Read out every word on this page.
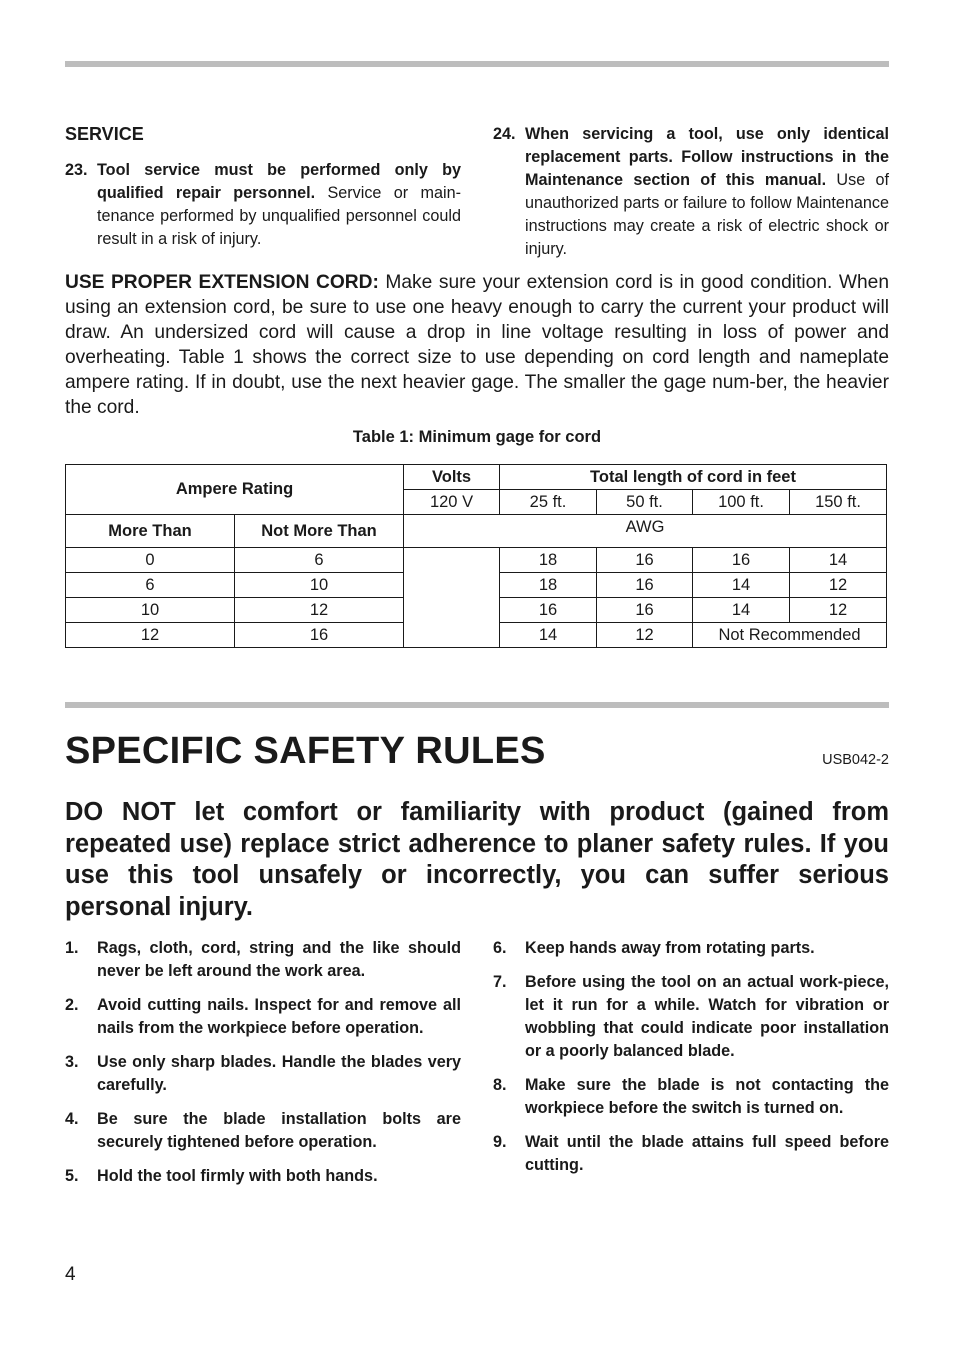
SERVICE
23. Tool service must be performed only by qualified repair personnel. Service or main-tenance performed by unqualified personnel could result in a risk of injury.
24. When servicing a tool, use only identical replacement parts. Follow instructions in the Maintenance section of this manual. Use of unauthorized parts or failure to follow Maintenance instructions may create a risk of electric shock or injury.
USE PROPER EXTENSION CORD: Make sure your extension cord is in good condition. When using an extension cord, be sure to use one heavy enough to carry the current your product will draw. An undersized cord will cause a drop in line voltage resulting in loss of power and overheating. Table 1 shows the correct size to use depending on cord length and nameplate ampere rating. If in doubt, use the next heavier gage. The smaller the gage num-ber, the heavier the cord.
Table 1: Minimum gage for cord
Ampere Rating		Volts	Total length of cord in feet			
		120 V	25 ft.	50 ft.	100 ft.	150 ft.
More Than	Not More Than	AWG				
0	6		18	16	16	14
6	10		18	16	14	12
10	12		16	16	14	12
12	16		14	12	Not Recommended	
SPECIFIC SAFETY RULES	USB042-2
DO NOT let comfort or familiarity with product (gained from repeated use) replace strict adherence to planer safety rules. If you use this tool unsafely or incorrectly, you can suffer serious personal injury.
1.	Rags, cloth, cord, string and the like should never be left around the work area.
2.	Avoid cutting nails. Inspect for and remove all nails from the workpiece before operation.
3.	Use only sharp blades. Handle the blades very carefully.
4.	Be sure the blade installation bolts are securely tightened before operation.
5.	Hold the tool firmly with both hands.
6.	Keep hands away from rotating parts.
7.	Before using the tool on an actual work-piece, let it run for a while. Watch for vibration or wobbling that could indicate poor installation or a poorly balanced blade.
8.	Make sure the blade is not contacting the workpiece before the switch is turned on.
9.	Wait until the blade attains full speed before cutting.
4
